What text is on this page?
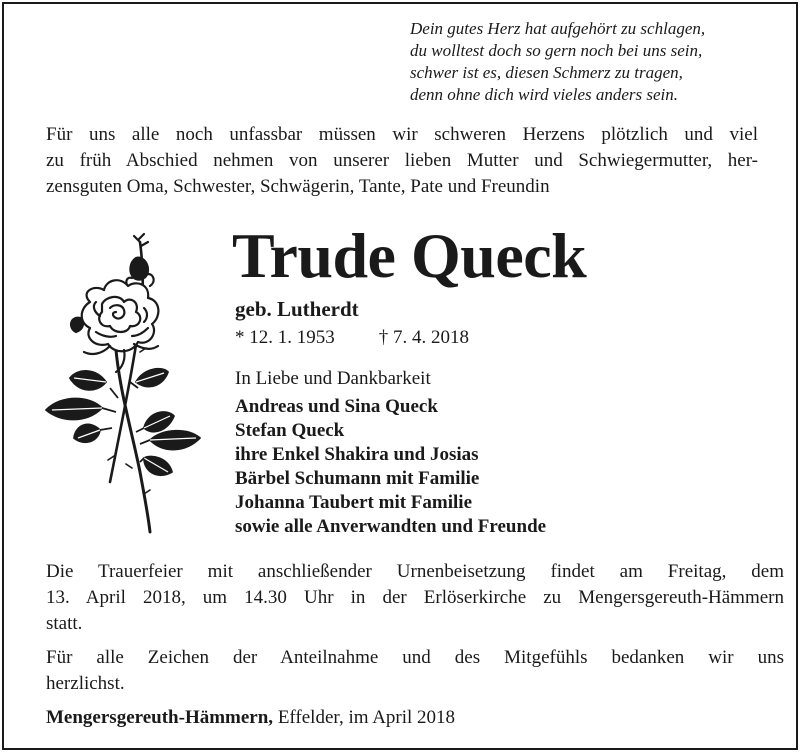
Dein gutes Herz hat aufgehört zu schlagen,
du wolltest doch so gern noch bei uns sein,
schwer ist es, diesen Schmerz zu tragen,
denn ohne dich wird vieles anders sein.
Für uns alle noch unfassbar müssen wir schweren Herzens plötzlich und viel
zu früh Abschied nehmen von unserer lieben Mutter und Schwiegermutter, her-
zensguten Oma, Schwester, Schwägerin, Tante, Pate und Freundin
Trude Queck
geb. Lutherdt
* 12. 1. 1953 † 7. 4. 2018
In Liebe und Dankbarkeit
Andreas und Sina Queck
Stefan Queck
ihre Enkel Shakira und Josias
Bärbel Schumann mit Familie
Johanna Taubert mit Familie
sowie alle Anverwandten und Freunde
Die Trauerfeier mit anschließender Urnenbeisetzung findet am Freitag, dem
13. April 2018, um 14.30 Uhr in der Erlöserkirche zu Mengersgereuth-Hämmern
statt.
Für alle Zeichen der Anteilnahme und des Mitgefühls bedanken wir uns
herzlichst.
Mengersgereuth-Hämmern, Effelder, im April 2018
